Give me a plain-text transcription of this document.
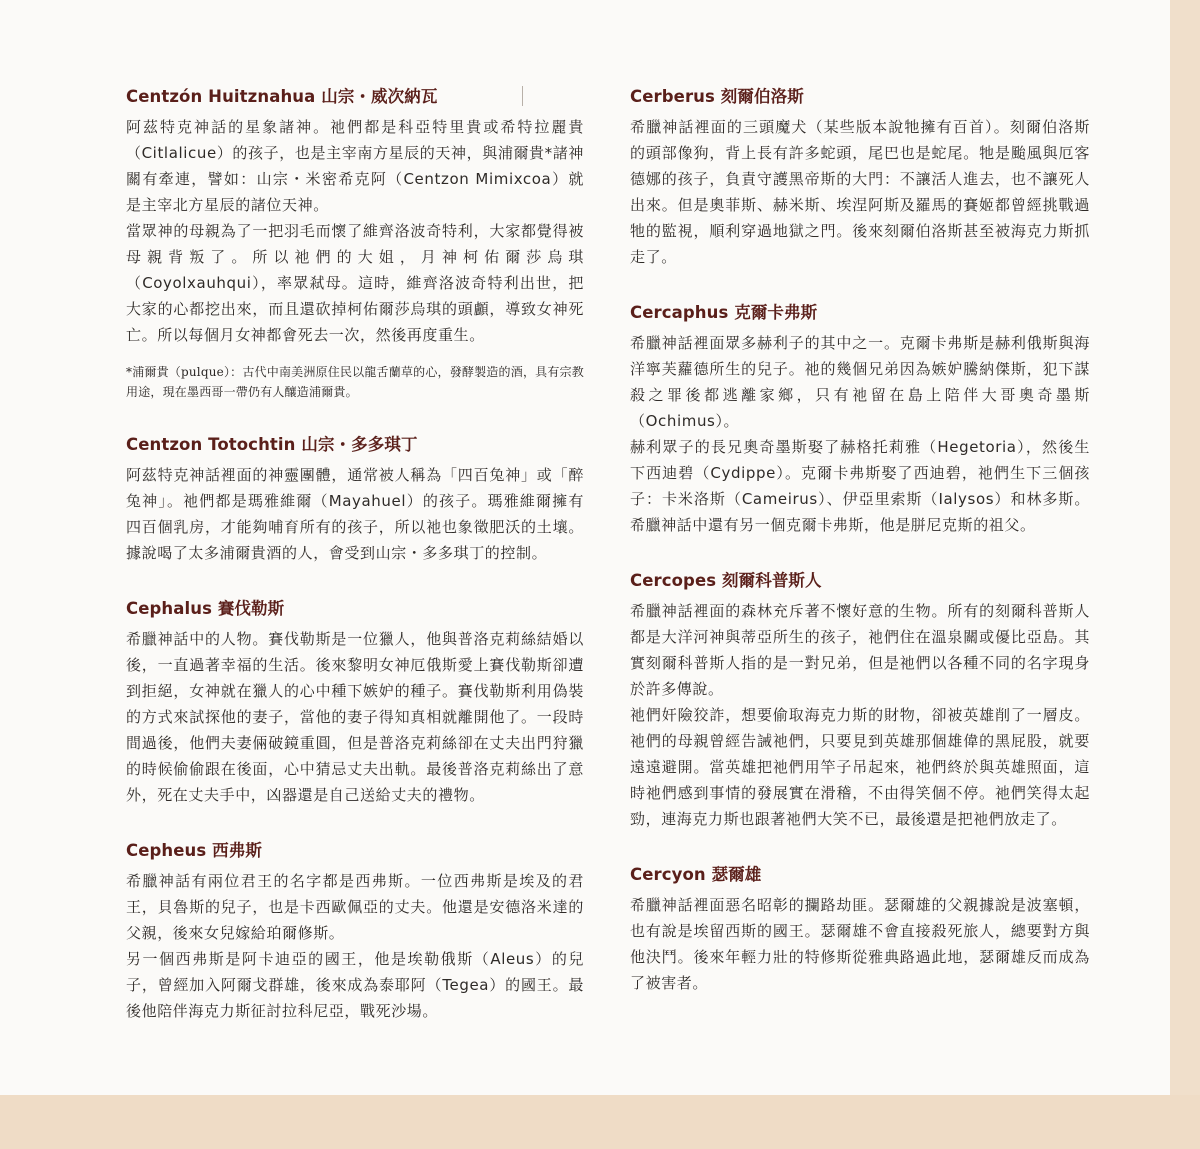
Centzón Huitznahua 山宗・威次納瓦

阿茲特克神話的星象諸神。祂們都是科亞特里貴或希特拉麗貴（Citlalicue）的孩子，也是主宰南方星辰的天神，與浦爾貴*諸神關有牽連，譬如：山宗・米密希克阿（Centzon Mimixcoa）就是主宰北方星辰的諸位天神。

當眾神的母親為了一把羽毛而懷了維齊洛波奇特利，大家都覺得被母親背叛了。所以祂們的大姐，月神柯佑爾莎烏琪（Coyolxauhqui），率眾弒母。這時，維齊洛波奇特利出世，把大家的心都挖出來，而且還砍掉柯佑爾莎烏琪的頭顱，導致女神死亡。所以每個月女神都會死去一次，然後再度重生。

*浦爾貴（pulque）：古代中南美洲原住民以龍舌蘭草的心，發酵製造的酒，具有宗教用途，現在墨西哥一帶仍有人釀造浦爾貴。

Centzon Totochtin 山宗・多多琪丁

阿茲特克神話裡面的神靈團體，通常被人稱為「四百兔神」或「醉兔神」。祂們都是瑪雅維爾（Mayahuel）的孩子。瑪雅維爾擁有四百個乳房，才能夠哺育所有的孩子，所以祂也象徵肥沃的土壤。據說喝了太多浦爾貴酒的人，會受到山宗・多多琪丁的控制。

Cephalus 賽伐勒斯

希臘神話中的人物。賽伐勒斯是一位獵人，他與普洛克莉絲結婚以後，一直過著幸福的生活。後來黎明女神厄俄斯愛上賽伐勒斯卻遭到拒絕，女神就在獵人的心中種下嫉妒的種子。賽伐勒斯利用偽裝的方式來試探他的妻子，當他的妻子得知真相就離開他了。一段時間過後，他們夫妻倆破鏡重圓，但是普洛克莉絲卻在丈夫出門狩獵的時候偷偷跟在後面，心中猜忌丈夫出軌。最後普洛克莉絲出了意外，死在丈夫手中，凶器還是自己送給丈夫的禮物。

Cepheus 西弗斯

希臘神話有兩位君王的名字都是西弗斯。一位西弗斯是埃及的君王，貝魯斯的兒子，也是卡西歐佩亞的丈夫。他還是安德洛米達的父親，後來女兒嫁給珀爾修斯。

另一個西弗斯是阿卡迪亞的國王，他是埃勒俄斯（Aleus）的兒子，曾經加入阿爾戈群雄，後來成為泰耶阿（Tegea）的國王。最後他陪伴海克力斯征討拉科尼亞，戰死沙場。

Cerberus 刻爾伯洛斯

希臘神話裡面的三頭魔犬（某些版本說牠擁有百首）。刻爾伯洛斯的頭部像狗，背上長有許多蛇頭，尾巴也是蛇尾。牠是颱風與厄客德娜的孩子，負責守護黑帝斯的大門：不讓活人進去，也不讓死人出來。但是奧菲斯、赫米斯、埃涅阿斯及羅馬的賽姬都曾經挑戰過牠的監視，順利穿過地獄之門。後來刻爾伯洛斯甚至被海克力斯抓走了。

Cercaphus 克爾卡弗斯

希臘神話裡面眾多赫利子的其中之一。克爾卡弗斯是赫利俄斯與海洋寧芙蘿德所生的兒子。祂的幾個兄弟因為嫉妒騰納傑斯，犯下謀殺之罪後都逃離家鄉，只有祂留在島上陪伴大哥奧奇墨斯（Ochimus）。

赫利眾子的長兄奧奇墨斯娶了赫格托莉雅（Hegetoria），然後生下西迪碧（Cydippe）。克爾卡弗斯娶了西迪碧，祂們生下三個孩子：卡米洛斯（Cameirus）、伊亞里索斯（Ialysos）和林多斯。希臘神話中還有另一個克爾卡弗斯，他是胼尼克斯的祖父。

Cercopes 刻爾科普斯人

希臘神話裡面的森林充斥著不懷好意的生物。所有的刻爾科普斯人都是大洋河神與蒂亞所生的孩子，祂們住在溫泉關或優比亞島。其實刻爾科普斯人指的是一對兄弟，但是祂們以各種不同的名字現身於許多傳說。

祂們奸險狡詐，想要偷取海克力斯的財物，卻被英雄削了一層皮。祂們的母親曾經告誡祂們，只要見到英雄那個雄偉的黑屁股，就要遠遠避開。當英雄把祂們用竿子吊起來，祂們終於與英雄照面，這時祂們感到事情的發展實在滑稽，不由得笑個不停。祂們笑得太起勁，連海克力斯也跟著祂們大笑不已，最後還是把祂們放走了。

Cercyon 瑟爾雄

希臘神話裡面惡名昭彰的攔路劫匪。瑟爾雄的父親據說是波塞頓，也有說是埃留西斯的國王。瑟爾雄不會直接殺死旅人，總要對方與他決鬥。後來年輕力壯的特修斯從雅典路過此地，瑟爾雄反而成為了被害者。
